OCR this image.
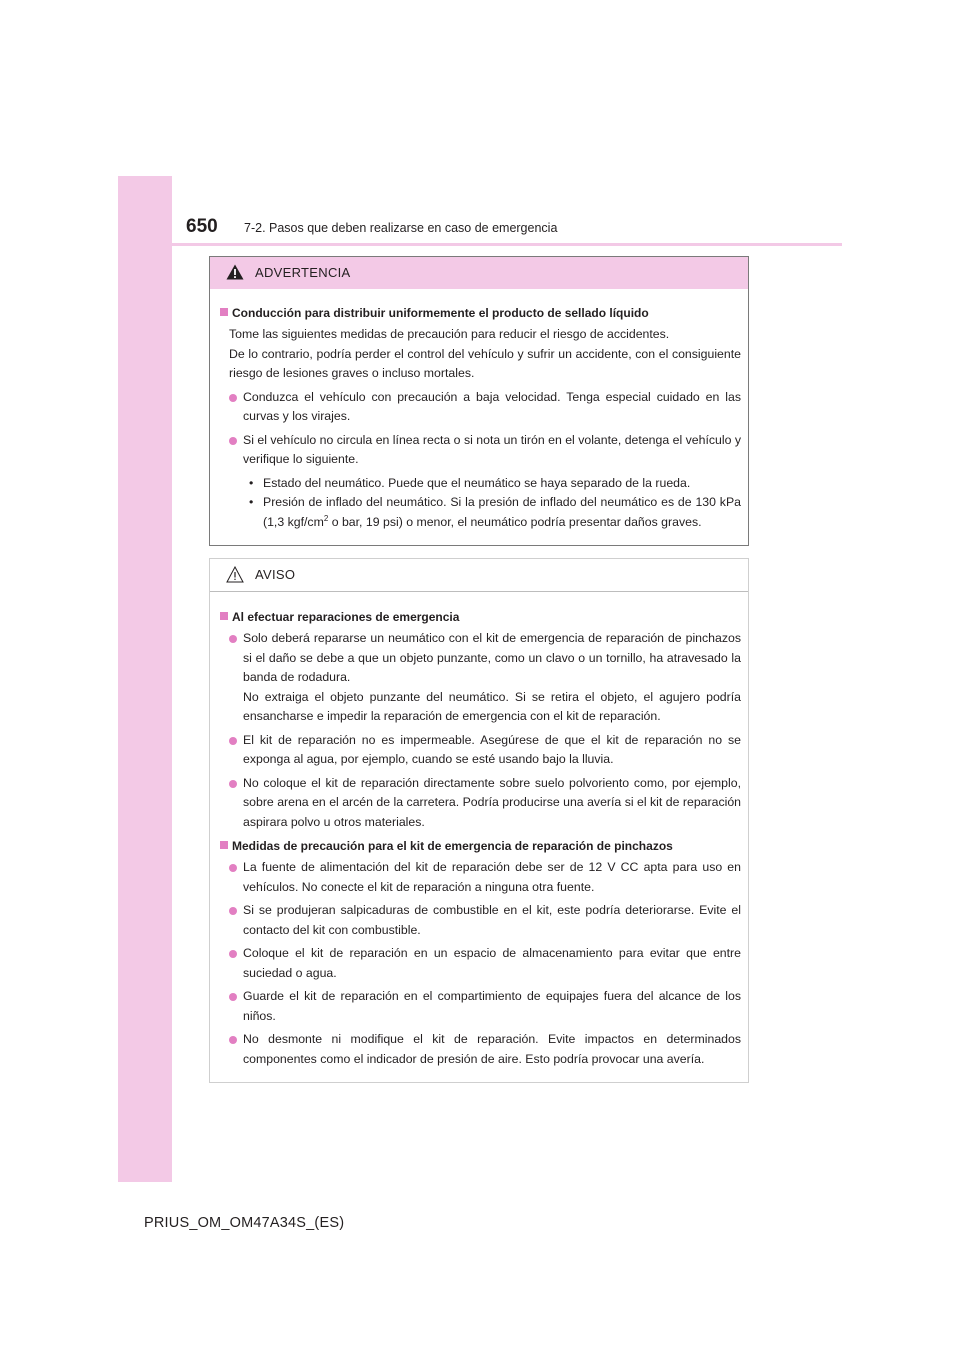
650 7-2. Pasos que deben realizarse en caso de emergencia
ADVERTENCIA
Conducción para distribuir uniformemente el producto de sellado líquido
Tome las siguientes medidas de precaución para reducir el riesgo de accidentes.
De lo contrario, podría perder el control del vehículo y sufrir un accidente, con el consiguiente riesgo de lesiones graves o incluso mortales.
Conduzca el vehículo con precaución a baja velocidad. Tenga especial cuidado en las curvas y los virajes.
Si el vehículo no circula en línea recta o si nota un tirón en el volante, detenga el vehículo y verifique lo siguiente.
• Estado del neumático. Puede que el neumático se haya separado de la rueda.
• Presión de inflado del neumático. Si la presión de inflado del neumático es de 130 kPa (1,3 kgf/$cm^2$ o bar, 19 psi) o menor, el neumático podría presentar daños graves.
AVISO
Al efectuar reparaciones de emergencia
Solo deberá repararse un neumático con el kit de emergencia de reparación de pinchazos si el daño se debe a que un objeto punzante, como un clavo o un tornillo, ha atravesado la banda de rodadura.
No extraiga el objeto punzante del neumático. Si se retira el objeto, el agujero podría ensancharse e impedir la reparación de emergencia con el kit de reparación.
El kit de reparación no es impermeable. Asegúrese de que el kit de reparación no se exponga al agua, por ejemplo, cuando se esté usando bajo la lluvia.
No coloque el kit de reparación directamente sobre suelo polvoriento como, por ejemplo, sobre arena en el arcén de la carretera. Podría producirse una avería si el kit de reparación aspirara polvo u otros materiales.
Medidas de precaución para el kit de emergencia de reparación de pinchazos
La fuente de alimentación del kit de reparación debe ser de 12 V CC apta para uso en vehículos. No conecte el kit de reparación a ninguna otra fuente.
Si se produjeran salpicaduras de combustible en el kit, este podría deteriorarse. Evite el contacto del kit con combustible.
Coloque el kit de reparación en un espacio de almacenamiento para evitar que entre suciedad o agua.
Guarde el kit de reparación en el compartimiento de equipajes fuera del alcance de los niños.
No desmonte ni modifique el kit de reparación. Evite impactos en determinados componentes como el indicador de presión de aire. Esto podría provocar una avería.
PRIUS_OM_OM47A34S_(ES)
